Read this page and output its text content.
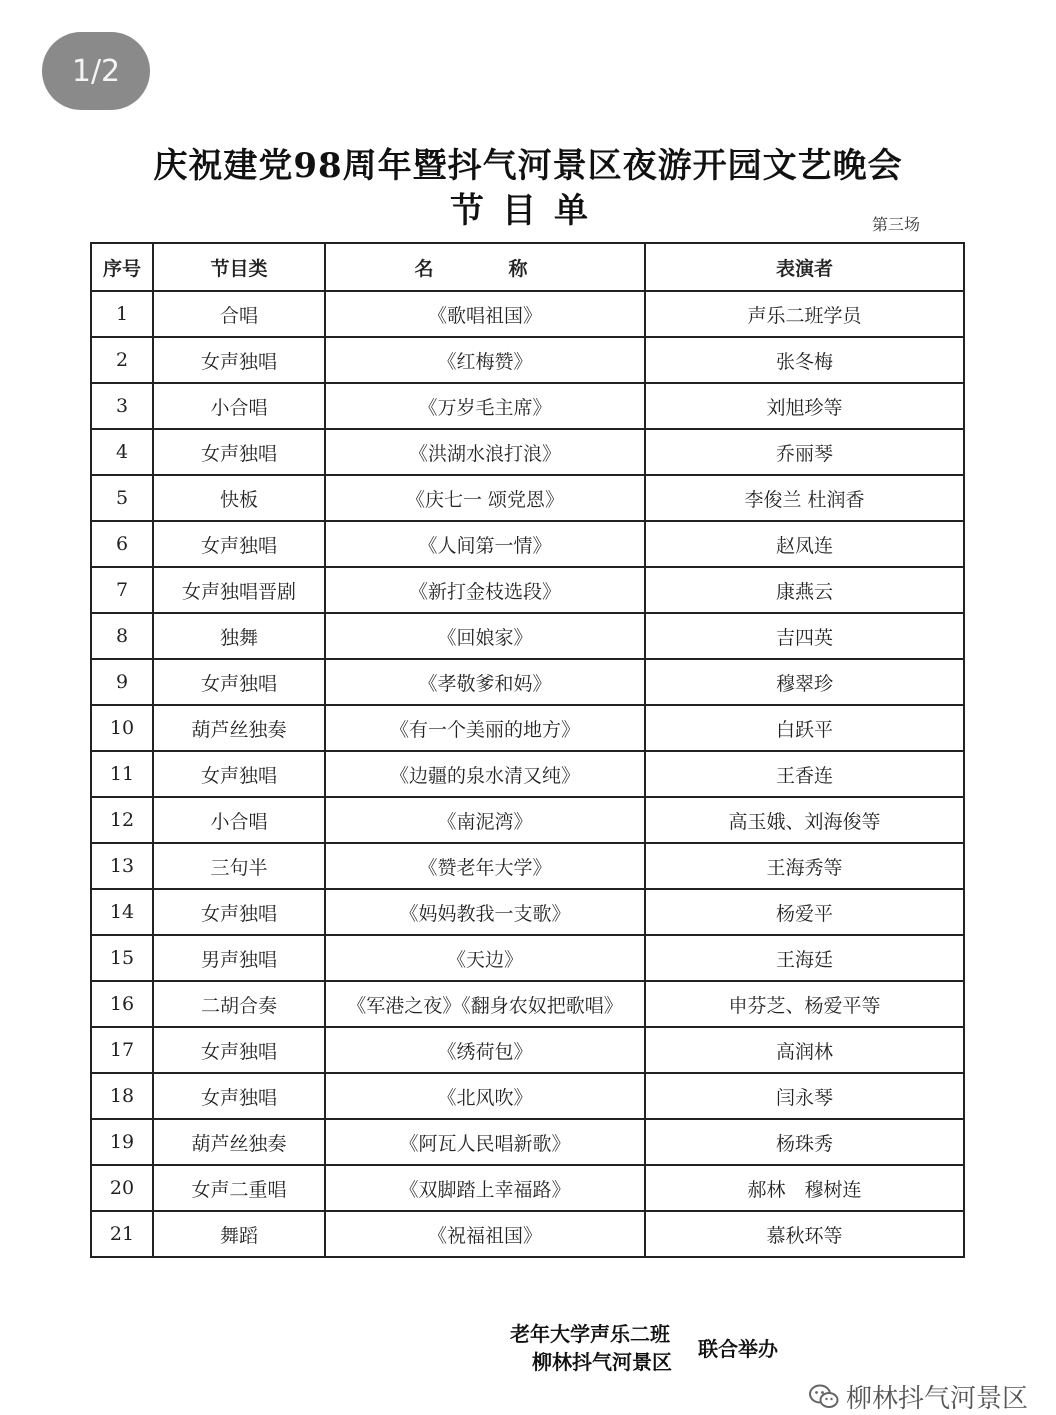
1/2
庆祝建党98周年暨抖气河景区夜游开园文艺晚会
节目单	第三场
序号	节目类	名　称	表演者
1	合唱	《歌唱祖国》	声乐二班学员
2	女声独唱	《红梅赞》	张冬梅
3	小合唱	《万岁毛主席》	刘旭珍等
4	女声独唱	《洪湖水浪打浪》	乔丽琴
5	快板	《庆七一 颂党恩》	李俊兰 杜润香
6	女声独唱	《人间第一情》	赵凤连
7	女声独唱晋剧	《新打金枝选段》	康燕云
8	独舞	《回娘家》	吉四英
9	女声独唱	《孝敬爹和妈》	穆翠珍
10	葫芦丝独奏	《有一个美丽的地方》	白跃平
11	女声独唱	《边疆的泉水清又纯》	王香连
12	小合唱	《南泥湾》	高玉娥、刘海俊等
13	三句半	《赞老年大学》	王海秀等
14	女声独唱	《妈妈教我一支歌》	杨爱平
15	男声独唱	《天边》	王海廷
16	二胡合奏	《军港之夜》《翻身农奴把歌唱》	申芬芝、杨爱平等
17	女声独唱	《绣荷包》	高润林
18	女声独唱	《北风吹》	闫永琴
19	葫芦丝独奏	《阿瓦人民唱新歌》	杨珠秀
20	女声二重唱	《双脚踏上幸福路》	郝林　穆树连
21	舞蹈	《祝福祖国》	慕秋环等
老年大学声乐二班
柳林抖气河景区
联合举办
柳林抖气河景区
